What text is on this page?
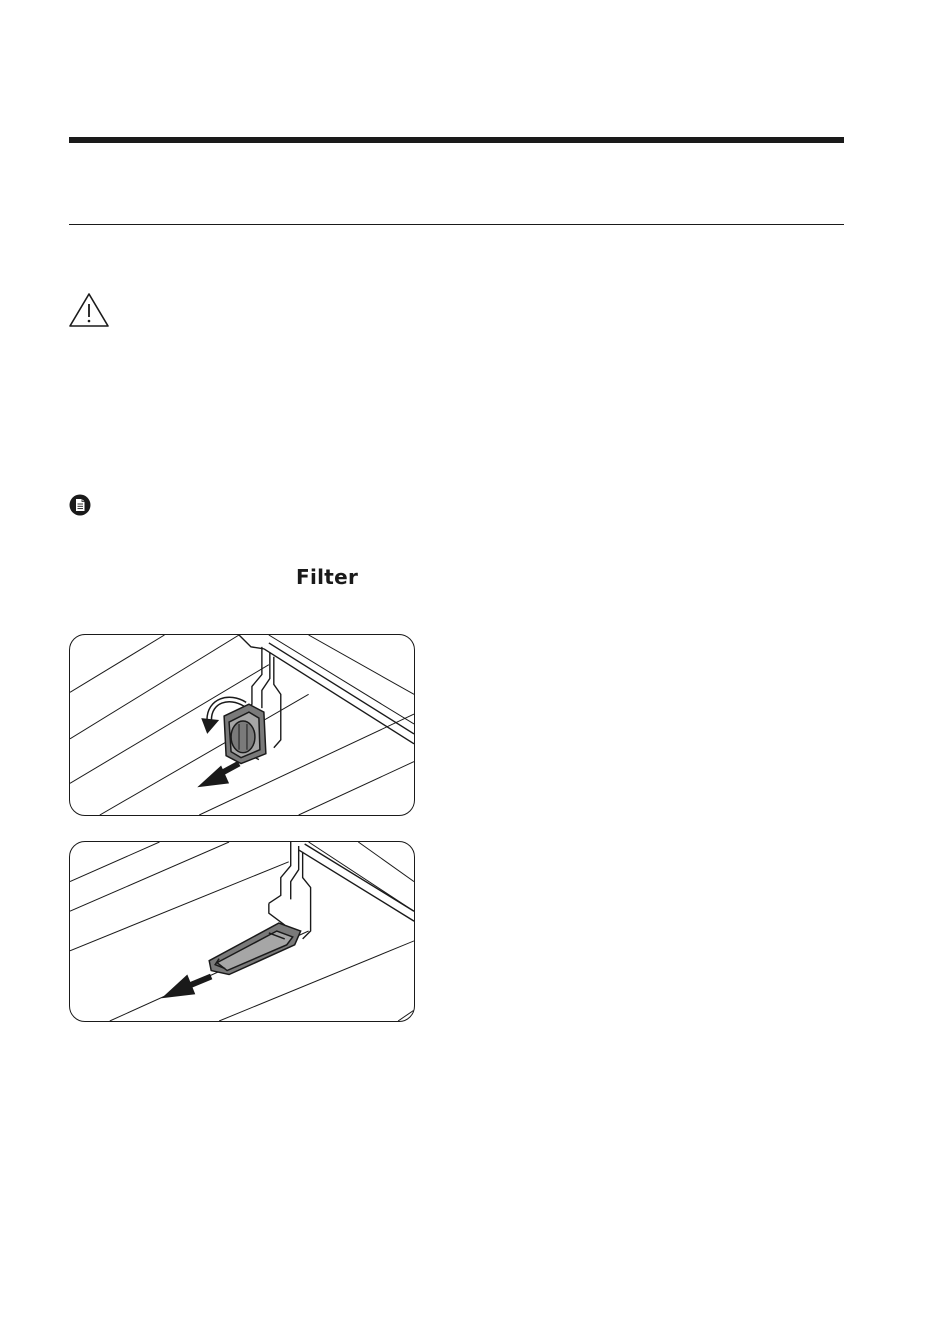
Filter
